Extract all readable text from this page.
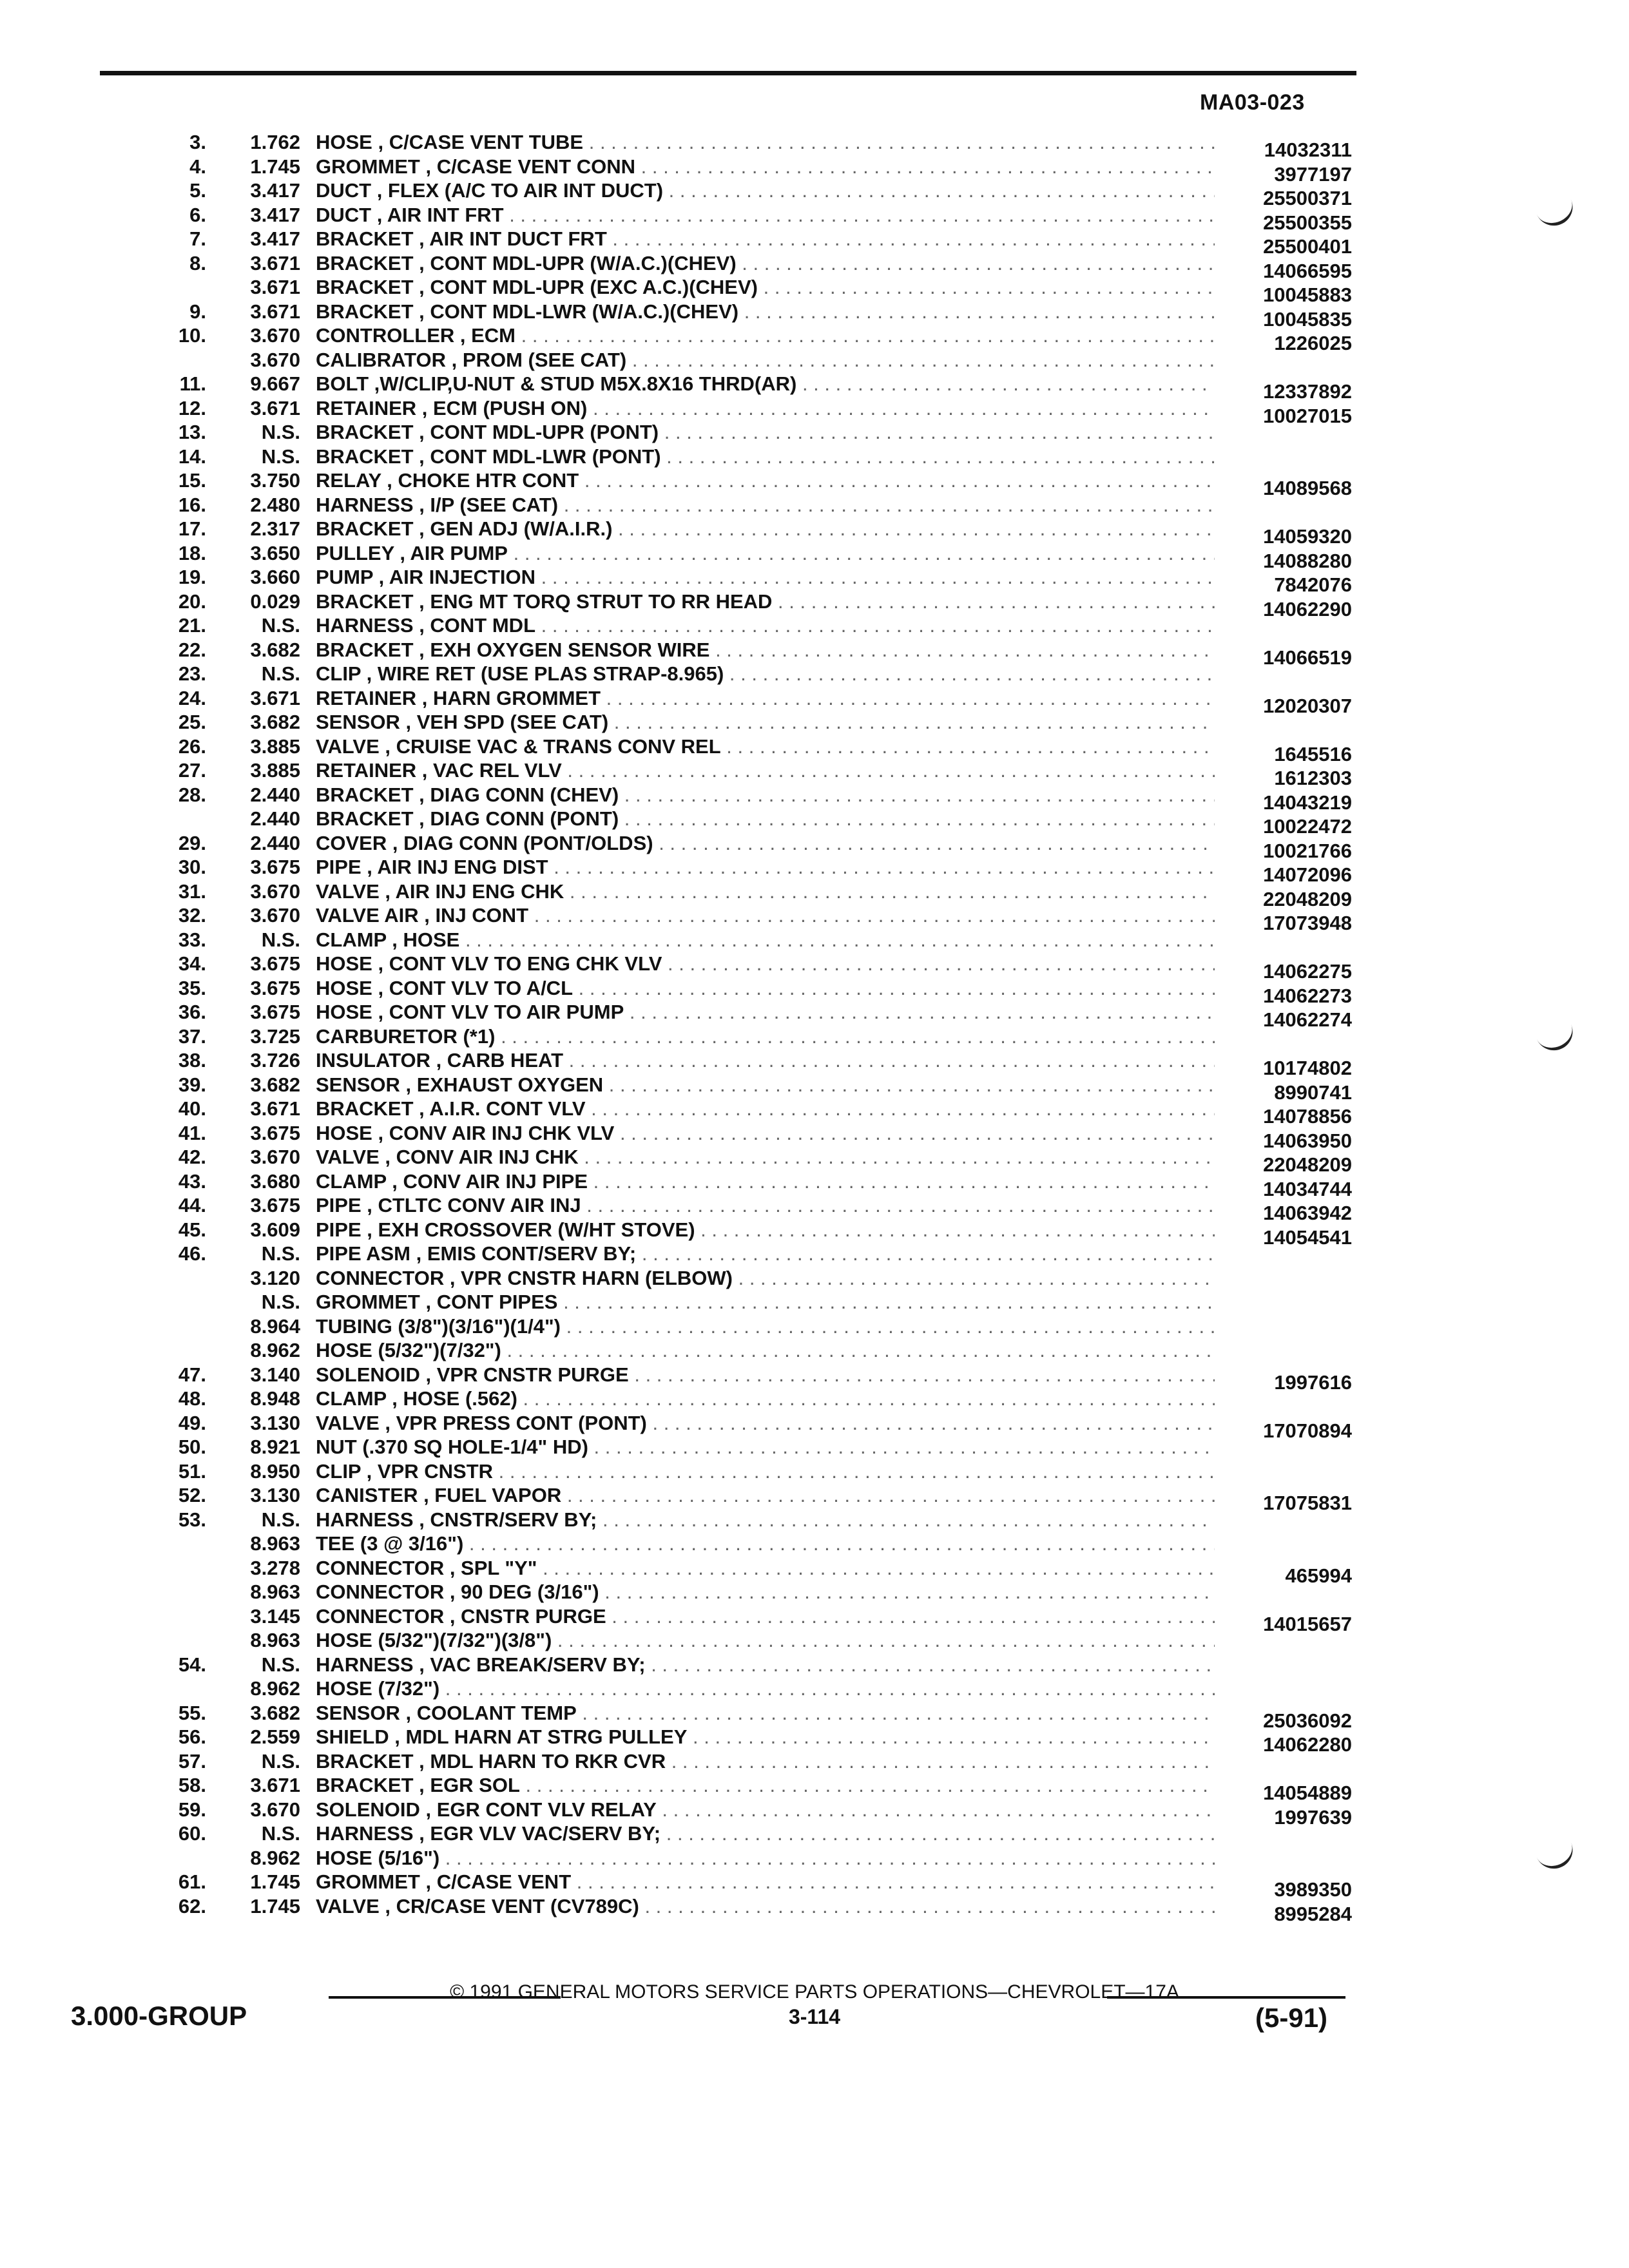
MA03-023
3. 1.762 HOSE , C/CASE VENT TUBE . . .	14032311
4. 1.745 GROMMET , C/CASE VENT CONN . . .	3977197
5. 3.417 DUCT , FLEX (A/C TO AIR INT DUCT) . . .	25500371
6. 3.417 DUCT , AIR INT FRT . . .	25500355
7. 3.417 BRACKET , AIR INT DUCT FRT . . .	25500401
8. 3.671 BRACKET , CONT MDL-UPR (W/A.C.)(CHEV) . . .	14066595
3.671 BRACKET , CONT MDL-UPR (EXC A.C.)(CHEV) . . .	10045883
9. 3.671 BRACKET , CONT MDL-LWR (W/A.C.)(CHEV) . . .	10045835
10. 3.670 CONTROLLER , ECM . . .	1226025
3.670 CALIBRATOR , PROM (SEE CAT) . . .
11. 9.667 BOLT ,W/CLIP,U-NUT & STUD M5X.8X16 THRD(AR) . . .	12337892
12. 3.671 RETAINER , ECM (PUSH ON) . . .	10027015
13.	N.S. BRACKET , CONT MDL-UPR (PONT) . . .
14.	N.S. BRACKET , CONT MDL-LWR (PONT) . . .
15. 3.750 RELAY , CHOKE HTR CONT . . .	14089568
16. 2.480 HARNESS , I/P (SEE CAT) . . .
17. 2.317 BRACKET , GEN ADJ (W/A.I.R.) . . .	14059320
18. 3.650 PULLEY , AIR PUMP . . .	14088280
19. 3.660 PUMP , AIR INJECTION . . .	7842076
20. 0.029 BRACKET , ENG MT TORQ STRUT TO RR HEAD . . .	14062290
21.	N.S. HARNESS , CONT MDL . . .
22. 3.682 BRACKET , EXH OXYGEN SENSOR WIRE . . .	14066519
23.	N.S. CLIP , WIRE RET (USE PLAS STRAP-8.965) . . .
24. 3.671 RETAINER , HARN GROMMET . . .	12020307
25. 3.682 SENSOR , VEH SPD (SEE CAT) . . .
26. 3.885 VALVE , CRUISE VAC & TRANS CONV REL . . .	1645516
27. 3.885 RETAINER , VAC REL VLV . . .	1612303
28. 2.440 BRACKET , DIAG CONN (CHEV) . . .	14043219
2.440 BRACKET , DIAG CONN (PONT) . . .	10022472
29. 2.440 COVER , DIAG CONN (PONT/OLDS) . . .	10021766
30. 3.675 PIPE , AIR INJ ENG DIST . . .	14072096
31. 3.670 VALVE , AIR INJ ENG CHK . . .	22048209
32. 3.670 VALVE AIR , INJ CONT . . .	17073948
33.	N.S. CLAMP , HOSE . . .
34. 3.675 HOSE , CONT VLV TO ENG CHK VLV . . .	14062275
35. 3.675 HOSE , CONT VLV TO A/CL . . .	14062273
36. 3.675 HOSE , CONT VLV TO AIR PUMP . . .	14062274
37. 3.725 CARBURETOR (*1) . . .
38. 3.726 INSULATOR , CARB HEAT . . .	10174802
39. 3.682 SENSOR , EXHAUST OXYGEN . . .	8990741
40. 3.671 BRACKET , A.I.R. CONT VLV . . .	14078856
41. 3.675 HOSE , CONV AIR INJ CHK VLV . . .	14063950
42. 3.670 VALVE , CONV AIR INJ CHK . . .	22048209
43. 3.680 CLAMP , CONV AIR INJ PIPE . . .	14034744
44. 3.675 PIPE , CTLTC CONV AIR INJ . . .	14063942
45. 3.609 PIPE , EXH CROSSOVER (W/HT STOVE) . . .	14054541
46.	N.S. PIPE ASM , EMIS CONT/SERV BY; . . .
3.120 CONNECTOR , VPR CNSTR HARN (ELBOW) . . .
N.S. GROMMET , CONT PIPES . . .
8.964 TUBING (3/8")(3/16")(1/4") . . .
8.962 HOSE (5/32")(7/32") . . .
47. 3.140 SOLENOID , VPR CNSTR PURGE . . .	1997616
48. 8.948 CLAMP , HOSE (.562) . . .
49. 3.130 VALVE , VPR PRESS CONT (PONT) . . .	17070894
50. 8.921 NUT (.370 SQ HOLE-1/4" HD) . . .
51. 8.950 CLIP , VPR CNSTR . . .
52. 3.130 CANISTER , FUEL VAPOR . . .	17075831
53.	N.S. HARNESS , CNSTR/SERV BY; . . .
8.963 TEE (3 @ 3/16") . . .
3.278 CONNECTOR , SPL "Y" . . .	465994
8.963 CONNECTOR , 90 DEG (3/16") . . .
3.145 CONNECTOR , CNSTR PURGE . . .	14015657
8.963 HOSE (5/32")(7/32")(3/8") . . .
54.	N.S. HARNESS , VAC BREAK/SERV BY; . . .
8.962 HOSE (7/32") . . .
55. 3.682 SENSOR , COOLANT TEMP . . .	25036092
56. 2.559 SHIELD , MDL HARN AT STRG PULLEY . . .	14062280
57.	N.S. BRACKET , MDL HARN TO RKR CVR . . .
58. 3.671 BRACKET , EGR SOL . . .	14054889
59. 3.670 SOLENOID , EGR CONT VLV RELAY . . .	1997639
60.	N.S. HARNESS , EGR VLV VAC/SERV BY; . . .
8.962 HOSE (5/16") . . .
61. 1.745 GROMMET , C/CASE VENT . . .	3989350
62. 1.745 VALVE , CR/CASE VENT (CV789C) . . .	8995284
© 1991 GENERAL MOTORS SERVICE PARTS OPERATIONS—CHEVROLET—17A
3.000-GROUP	3-114	(5-91)
